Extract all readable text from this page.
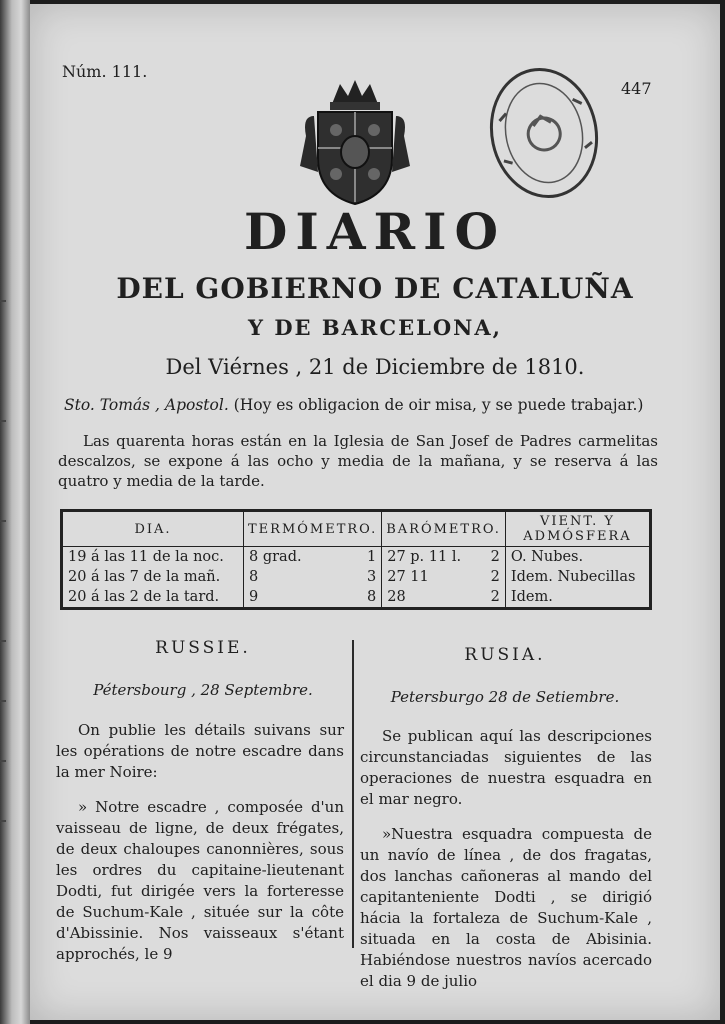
Núm. 111.
447
DIARIO
DEL GOBIERNO DE CATALUÑA
Y DE BARCELONA,
Del Viérnes , 21 de Diciembre de 1810.
Sto. Tomás , Apostol. (Hoy es obligacion de oir misa, y se puede trabajar.)
Las quarenta horas están en la Iglesia de San Josef de Padres carmelitas descalzos, se expone á las ocho y media de la mañana, y se reserva á las quatro y media de la tarde.
DIA.	TERMÓMETRO.		BARÓMETRO.		VIENT. Y ADMÓSFERA
19 á las 11 de la noc.	8 grad.	1	27 p. 11 l.	2	O. Nubes.
20 á las 7 de la mañ.	8	3	27 11	2	Idem. Nubecillas
20 á las 2 de la tard.	9	8	28	2	Idem.
RUSSIE.	RUSIA.
Pétersbourg , 28 Septembre.	Petersburgo 28 de Setiembre.

On publie les détails suivans sur les opérations de notre escadre dans la mer Noire:

» Notre escadre , composée d'un vaisseau de ligne, de deux frégates, de deux chaloupes canonnières, sous les ordres du capitaine-lieutenant Dodti, fut dirigée vers la forteresse de Suchum-Kale , située sur la côte d'Abissinie. Nos vaisseaux s'étant approchés, le 9

Se publican aquí las descripciones circunstanciadas siguientes de las operaciones de nuestra esquadra en el mar negro.

»Nuestra esquadra compuesta de un navío de línea , de dos fragatas, dos lanchas cañoneras al mando del capitanteniente Dodti , se dirigió hácia la fortaleza de Suchum-Kale , situada en la costa de Abisinia. Habiéndose nuestros navíos acercado el dia 9 de julio
